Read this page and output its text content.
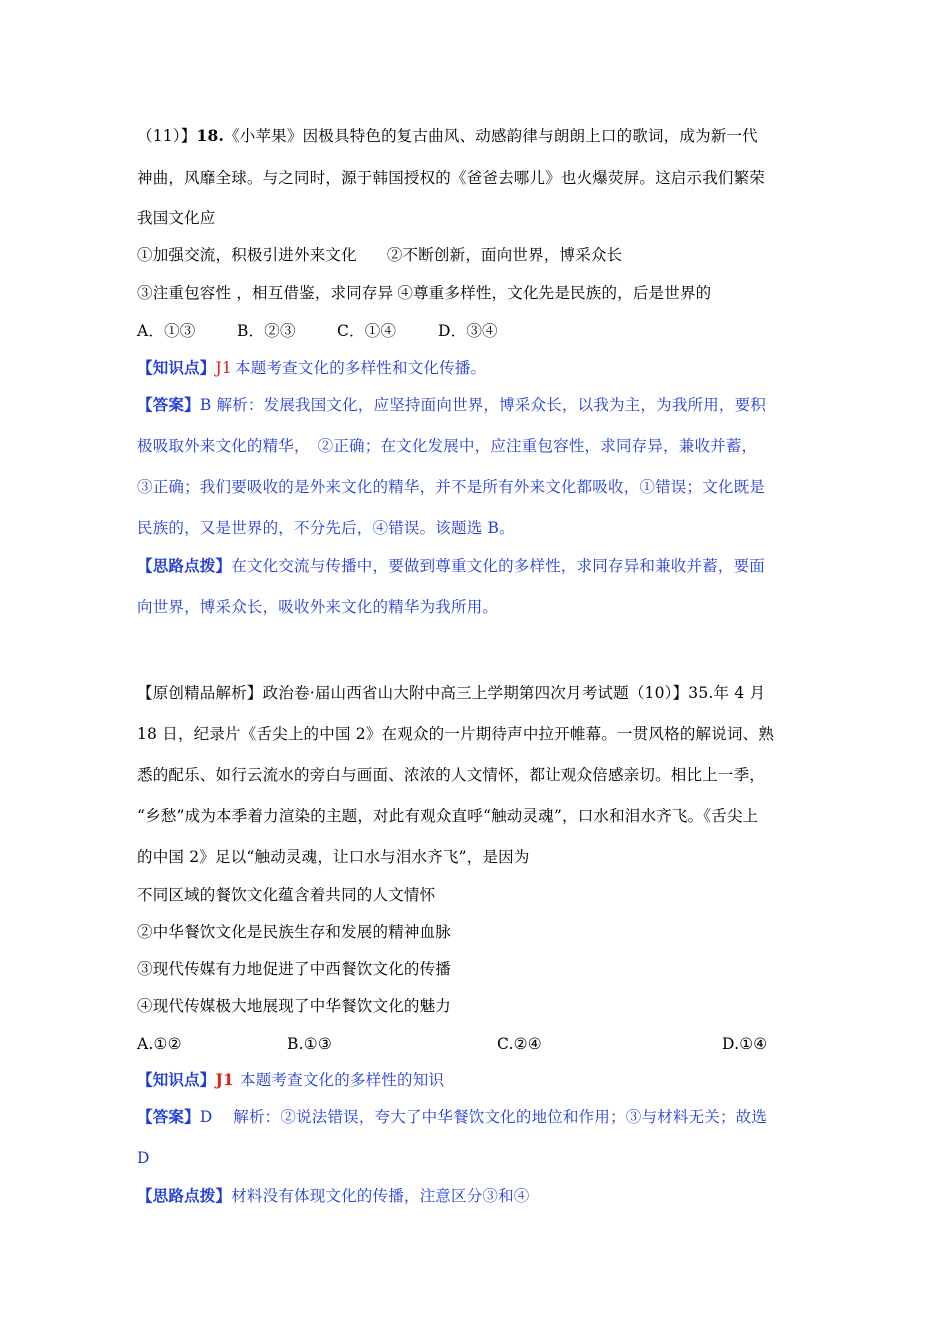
（11）】18.《小苹果》因极具特色的复古曲风、动感韵律与朗朗上口的歌词，成为新一代
神曲，风靡全球。与之同时，源于韩国授权的《爸爸去哪儿》也火爆荧屏。这启示我们繁荣
我国文化应
①加强交流，积极引进外来文化 ②不断创新，面向世界，博采众长
③注重包容性 ，相互借鉴，求同存异 ④尊重多样性，文化先是民族的，后是世界的
A．①③	B．②③	C．①④	D．③④
【知识点】J1 本题考查文化的多样性和文化传播。
【答案】B 解析：发展我国文化，应坚持面向世界，博采众长，以我为主，为我所用，要积
极吸取外来文化的精华，　②正确；在文化发展中，应注重包容性，求同存异，兼收并蓄，
③正确；我们要吸收的是外来文化的精华，并不是所有外来文化都吸收，①错误；文化既是
民族的，又是世界的，不分先后，④错误。该题选 B。
【思路点拨】在文化交流与传播中，要做到尊重文化的多样性，求同存异和兼收并蓄，要面
向世界，博采众长，吸收外来文化的精华为我所用。
【原创精品解析】政治卷·届山西省山大附中高三上学期第四次月考试题（10）】35.年 4 月
18 日，纪录片《舌尖上的中国 2》在观众的一片期待声中拉开帷幕。一贯风格的解说词、熟
悉的配乐、如行云流水的旁白与画面、浓浓的人文情怀，都让观众倍感亲切。相比上一季，
“乡愁”成为本季着力渲染的主题，对此有观众直呼“触动灵魂”，口水和泪水齐飞。《舌尖上
的中国 2》足以“触动灵魂，让口水与泪水齐飞”，是因为
不同区域的餐饮文化蕴含着共同的人文情怀
②中华餐饮文化是民族生存和发展的精神血脉
③现代传媒有力地促进了中西餐饮文化的传播
④现代传媒极大地展现了中华餐饮文化的魅力
A.①②	B.①③	C.②④	D.①④
【知识点】J1 本题考查文化的多样性的知识
【答案】D　 解析：②说法错误，夸大了中华餐饮文化的地位和作用；③与材料无关；故选
D
【思路点拨】材料没有体现文化的传播，注意区分③和④
